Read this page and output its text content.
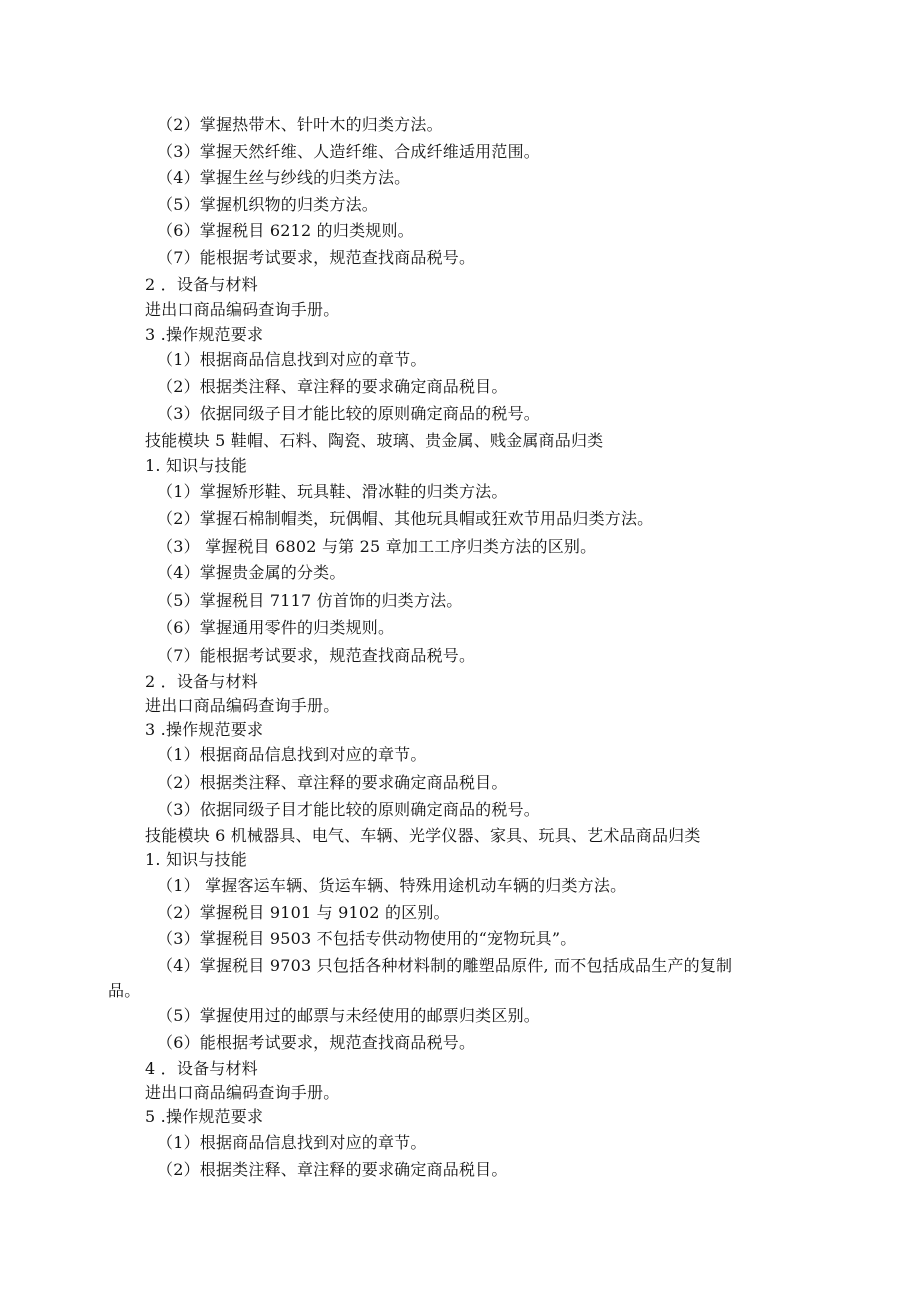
（2）掌握热带木、针叶木的归类方法。
（3）掌握天然纤维、人造纤维、合成纤维适用范围。
（4）掌握生丝与纱线的归类方法。
（5）掌握机织物的归类方法。
（6）掌握税目 6212 的归类规则。
（7）能根据考试要求，规范查找商品税号。
2 ．设备与材料
进出口商品编码查询手册。
3 .操作规范要求
（1）根据商品信息找到对应的章节。
（2）根据类注释、章注释的要求确定商品税目。
（3）依据同级子目才能比较的原则确定商品的税号。
技能模块 5 鞋帽、石料、陶瓷、玻璃、贵金属、贱金属商品归类
1. 知识与技能
（1）掌握矫形鞋、玩具鞋、滑冰鞋的归类方法。
（2）掌握石棉制帽类，玩偶帽、其他玩具帽或狂欢节用品归类方法。
（3） 掌握税目 6802 与第 25 章加工工序归类方法的区别。
（4）掌握贵金属的分类。
（5）掌握税目 7117 仿首饰的归类方法。
（6）掌握通用零件的归类规则。
（7）能根据考试要求，规范查找商品税号。
2 ．设备与材料
进出口商品编码查询手册。
3 .操作规范要求
（1）根据商品信息找到对应的章节。
（2）根据类注释、章注释的要求确定商品税目。
（3）依据同级子目才能比较的原则确定商品的税号。
技能模块 6 机械器具、电气、车辆、光学仪器、家具、玩具、艺术品商品归类
1. 知识与技能
（1） 掌握客运车辆、货运车辆、特殊用途机动车辆的归类方法。
（2）掌握税目 9101 与 9102 的区别。
（3）掌握税目 9503 不包括专供动物使用的“宠物玩具”。
（4）掌握税目 9703 只包括各种材料制的雕塑品原件, 而不包括成品生产的复制
品。
（5）掌握使用过的邮票与未经使用的邮票归类区别。
（6）能根据考试要求，规范查找商品税号。
4 ．设备与材料
进出口商品编码查询手册。
5 .操作规范要求
（1）根据商品信息找到对应的章节。
（2）根据类注释、章注释的要求确定商品税目。
